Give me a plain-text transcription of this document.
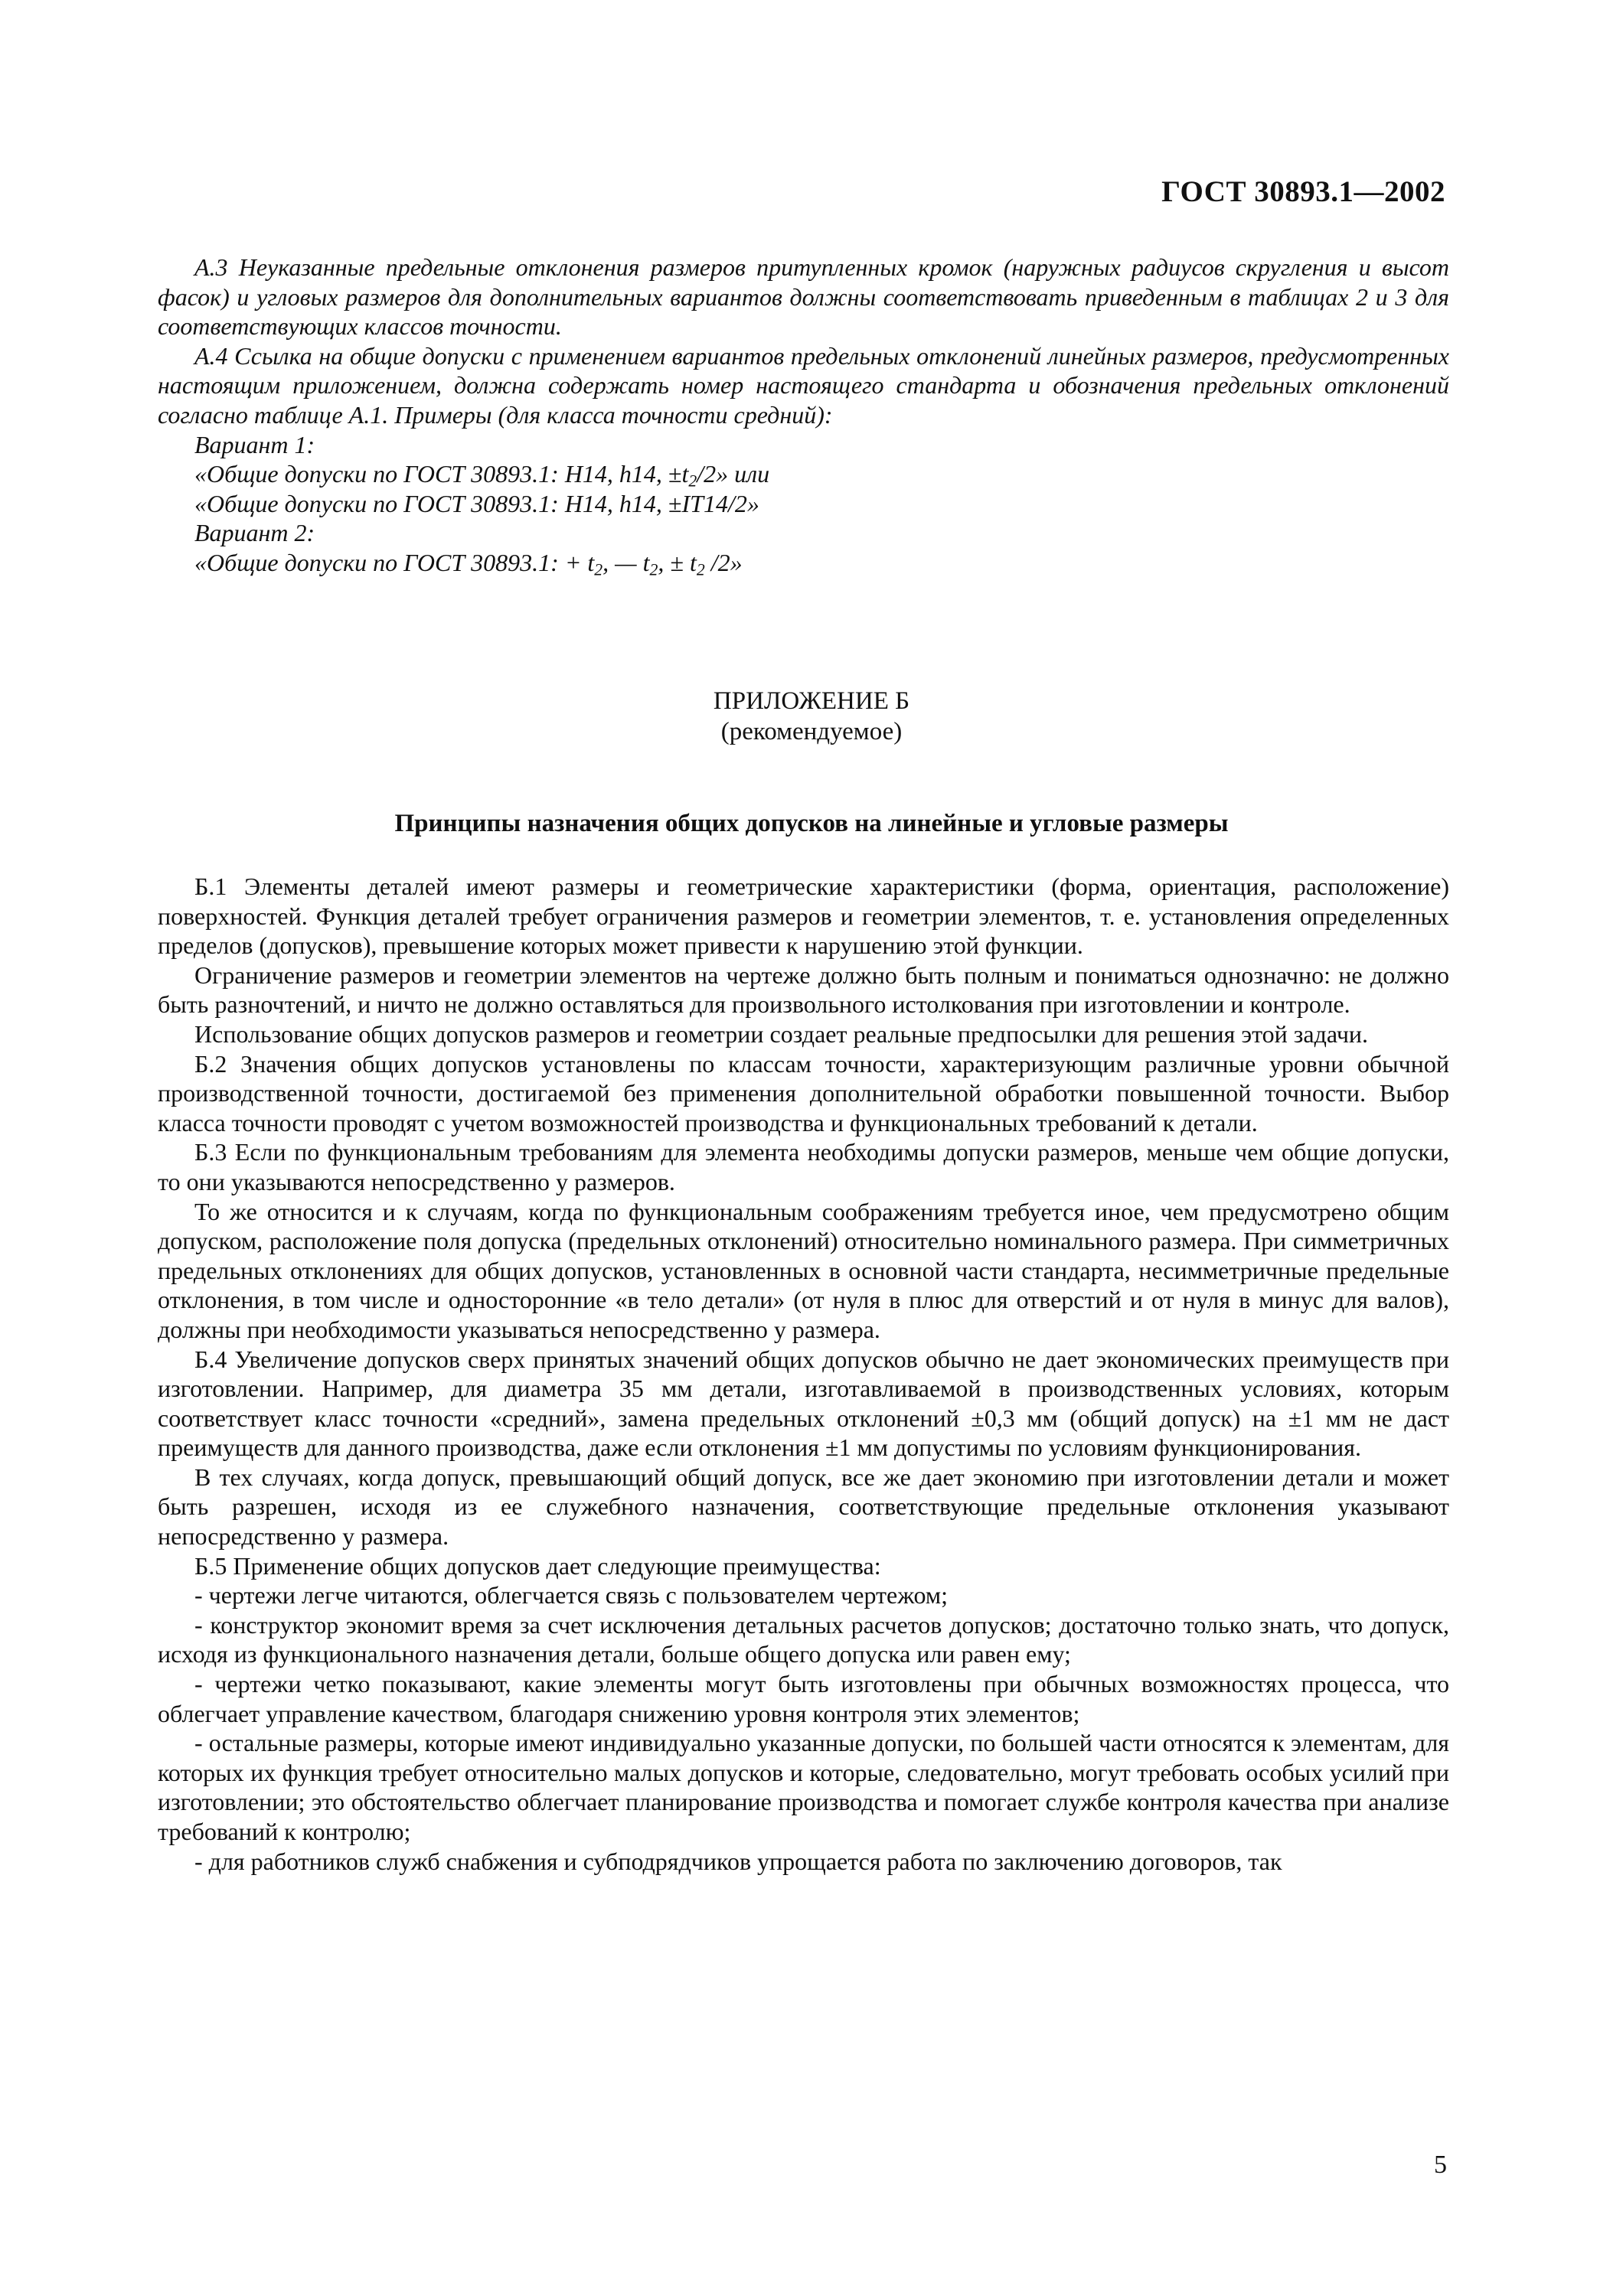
ГОСТ 30893.1—2002

A.3 Неуказанные предельные отклонения размеров притупленных кромок (наружных радиусов скругления и высот фасок) и угловых размеров для дополнительных вариантов должны соответствовать приведенным в таблицах 2 и 3 для соответствующих классов точности.

A.4 Ссылка на общие допуски с применением вариантов предельных отклонений линейных размеров, предусмотренных настоящим приложением, должна содержать номер настоящего стандарта и обозначения предельных отклонений согласно таблице А.1. Примеры (для класса точности средний):

Вариант 1:

«Общие допуски по ГОСТ 30893.1: H14, h14, $\pm t_2/2$» или

«Общие допуски по ГОСТ 30893.1: H14, h14, ±IT14/2»

Вариант 2:

«Общие допуски по ГОСТ 30893.1: + $t_2$, — $t_2$, ± $t_2$ /2»

ПРИЛОЖЕНИЕ Б
(рекомендуемое)
Принципы назначения общих допусков на линейные и угловые размеры

Б.1 Элементы деталей имеют размеры и геометрические характеристики (форма, ориентация, расположение) поверхностей. Функция деталей требует ограничения размеров и геометрии элементов, т. е. установления определенных пределов (допусков), превышение которых может привести к нарушению этой функции.

Ограничение размеров и геометрии элементов на чертеже должно быть полным и пониматься однозначно: не должно быть разночтений, и ничто не должно оставляться для произвольного истолкования при изготовлении и контроле.

Использование общих допусков размеров и геометрии создает реальные предпосылки для решения этой задачи.

Б.2 Значения общих допусков установлены по классам точности, характеризующим различные уровни обычной производственной точности, достигаемой без применения дополнительной обработки повышенной точности. Выбор класса точности проводят с учетом возможностей производства и функциональных требований к детали.

Б.3 Если по функциональным требованиям для элемента необходимы допуски размеров, меньше чем общие допуски, то они указываются непосредственно у размеров.

То же относится и к случаям, когда по функциональным соображениям требуется иное, чем предусмотрено общим допуском, расположение поля допуска (предельных отклонений) относительно номинального размера. При симметричных предельных отклонениях для общих допусков, установленных в основной части стандарта, несимметричные предельные отклонения, в том числе и односторонние «в тело детали» (от нуля в плюс для отверстий и от нуля в минус для валов), должны при необходимости указываться непосредственно у размера.

Б.4 Увеличение допусков сверх принятых значений общих допусков обычно не дает экономических преимуществ при изготовлении. Например, для диаметра 35 мм детали, изготавливаемой в производственных условиях, которым соответствует класс точности «средний», замена предельных отклонений ±0,3 мм (общий допуск) на ±1 мм не даст преимуществ для данного производства, даже если отклонения ±1 мм допустимы по условиям функционирования.

В тех случаях, когда допуск, превышающий общий допуск, все же дает экономию при изготовлении детали и может быть разрешен, исходя из ее служебного назначения, соответствующие предельные отклонения указывают непосредственно у размера.

Б.5 Применение общих допусков дает следующие преимущества:

- чертежи легче читаются, облегчается связь с пользователем чертежом;

- конструктор экономит время за счет исключения детальных расчетов допусков; достаточно только знать, что допуск, исходя из функционального назначения детали, больше общего допуска или равен ему;

- чертежи четко показывают, какие элементы могут быть изготовлены при обычных возможностях процесса, что облегчает управление качеством, благодаря снижению уровня контроля этих элементов;

- остальные размеры, которые имеют индивидуально указанные допуски, по большей части относятся к элементам, для которых их функция требует относительно малых допусков и которые, следовательно, могут требовать особых усилий при изготовлении; это обстоятельство облегчает планирование производства и помогает службе контроля качества при анализе требований к контролю;

- для работников служб снабжения и субподрядчиков упрощается работа по заключению договоров, так

5
